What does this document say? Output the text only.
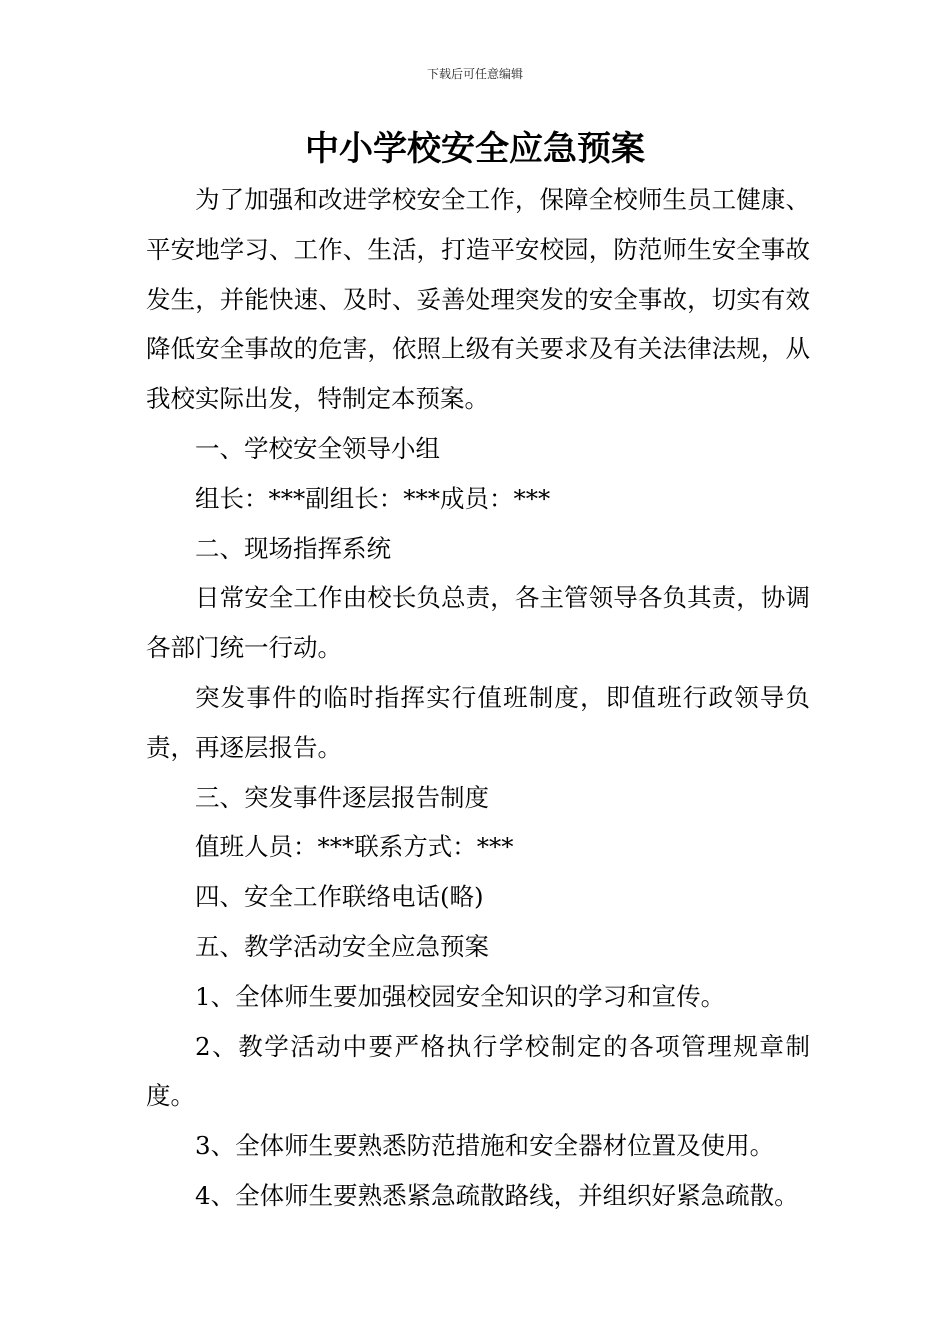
下载后可任意编辑
中小学校安全应急预案

为了加强和改进学校安全工作，保障全校师生员工健康、平安地学习、工作、生活，打造平安校园，防范师生安全事故发生，并能快速、及时、妥善处理突发的安全事故，切实有效降低安全事故的危害，依照上级有关要求及有关法律法规，从我校实际出发，特制定本预案。

一、学校安全领导小组

组长：***副组长：***成员：***

二、现场指挥系统

日常安全工作由校长负总责，各主管领导各负其责，协调各部门统一行动。

突发事件的临时指挥实行值班制度，即值班行政领导负责，再逐层报告。

三、突发事件逐层报告制度

值班人员：***联系方式：***

四、安全工作联络电话(略)

五、教学活动安全应急预案

1、全体师生要加强校园安全知识的学习和宣传。

2、教学活动中要严格执行学校制定的各项管理规章制度。

3、全体师生要熟悉防范措施和安全器材位置及使用。

4、全体师生要熟悉紧急疏散路线，并组织好紧急疏散。
